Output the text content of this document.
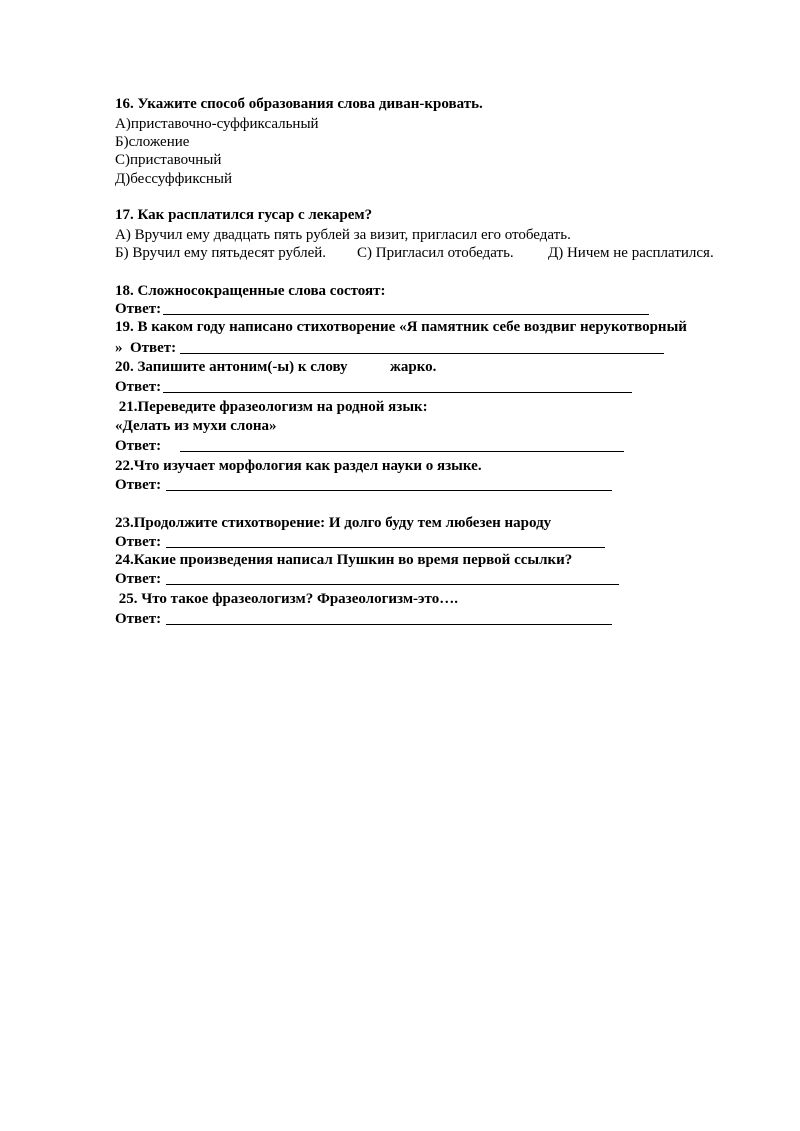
16. Укажите способ образования слова диван-кровать.
А)приставочно-суффиксальный
Б)сложение
С)приставочный
Д)бессуффиксный
17. Как расплатился гусар с лекарем?
А) Вручил ему двадцать пять рублей за визит, пригласил его отобедать.
Б) Вручил ему пятьдесят рублей. С) Пригласил отобедать. Д) Ничем не расплатился.
18. Сложносокращенные слова состоят:
Ответ:
19. В каком году написано стихотворение «Я памятник себе воздвиг нерукотворный
»  Ответ:
20. Запишите антоним(-ы) к слову	жарко.
Ответ:
21.Переведите фразеологизм на родной язык:
«Делать из мухи слона»
Ответ:
22.Что изучает морфология как раздел науки о языке.
Ответ:
23.Продолжите стихотворение: И долго буду тем любезен народу
Ответ:
24.Какие произведения написал Пушкин во время первой ссылки?
Ответ:
25. Что такое фразеологизм? Фразеологизм-это….
Ответ:
